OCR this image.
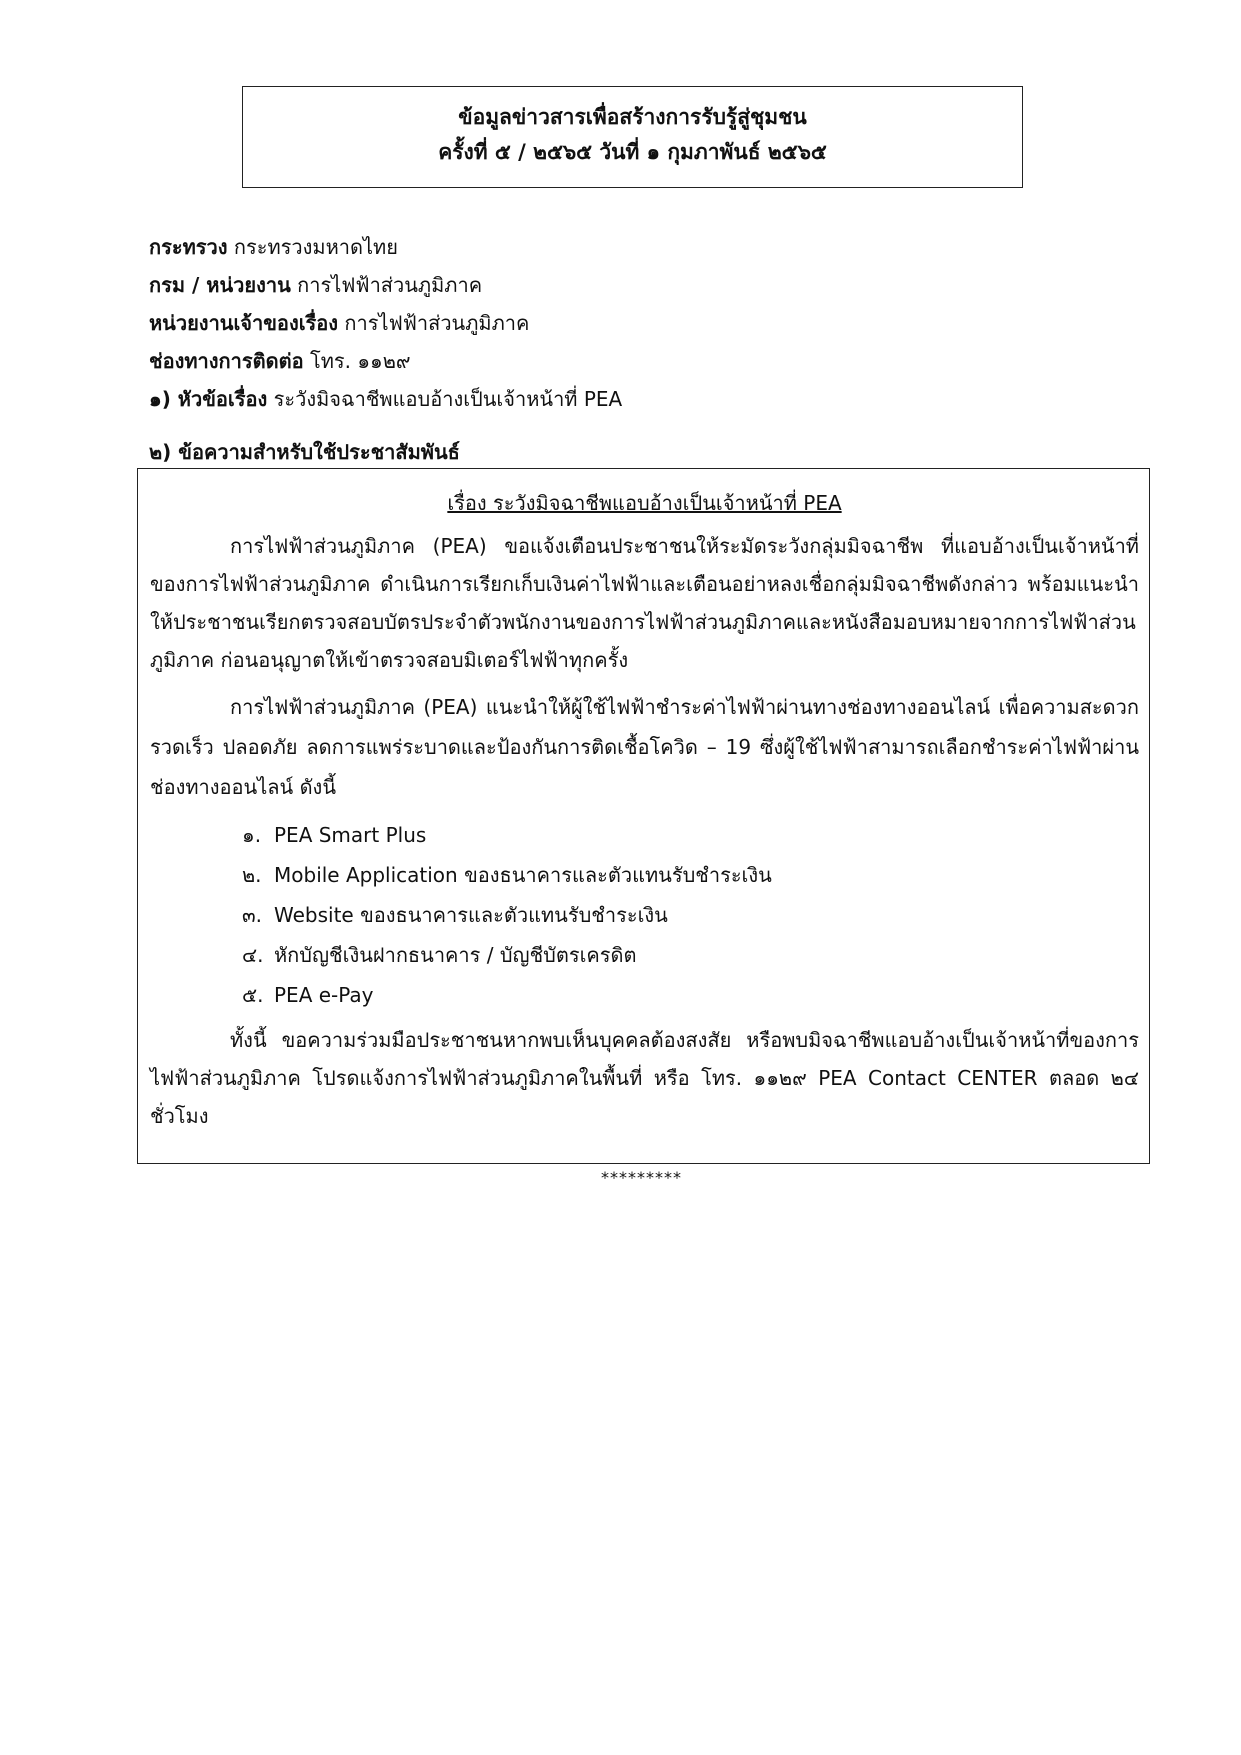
ข้อมูลข่าวสารเพื่อสร้างการรับรู้สู่ชุมชน
ครั้งที่ ๕ / ๒๕๖๕ วันที่ ๑ กุมภาพันธ์ ๒๕๖๕
กระทรวง กระทรวงมหาดไทย
กรม / หน่วยงาน การไฟฟ้าส่วนภูมิภาค
หน่วยงานเจ้าของเรื่อง การไฟฟ้าส่วนภูมิภาค
ช่องทางการติดต่อ โทร. ๑๑๒๙
๑) หัวข้อเรื่อง ระวังมิจฉาชีพแอบอ้างเป็นเจ้าหน้าที่ PEA
๒) ข้อความสำหรับใช้ประชาสัมพันธ์
เรื่อง ระวังมิจฉาชีพแอบอ้างเป็นเจ้าหน้าที่ PEA

การไฟฟ้าส่วนภูมิภาค (PEA) ขอแจ้งเตือนประชาชนให้ระมัดระวังกลุ่มมิจฉาชีพ ที่แอบอ้างเป็นเจ้าหน้าที่ของการไฟฟ้าส่วนภูมิภาค ดำเนินการเรียกเก็บเงินค่าไฟฟ้าและเตือนอย่าหลงเชื่อกลุ่มมิจฉาชีพดังกล่าว พร้อมแนะนำให้ประชาชนเรียกตรวจสอบบัตรประจำตัวพนักงานของการไฟฟ้าส่วนภูมิภาคและหนังสือมอบหมายจากการไฟฟ้าส่วนภูมิภาค ก่อนอนุญาตให้เข้าตรวจสอบมิเตอร์ไฟฟ้าทุกครั้ง

การไฟฟ้าส่วนภูมิภาค (PEA) แนะนำให้ผู้ใช้ไฟฟ้าชำระค่าไฟฟ้าผ่านทางช่องทางออนไลน์ เพื่อความสะดวกรวดเร็ว ปลอดภัย ลดการแพร่ระบาดและป้องกันการติดเชื้อโควิด – 19 ซึ่งผู้ใช้ไฟฟ้าสามารถเลือกชำระค่าไฟฟ้าผ่านช่องทางออนไลน์ ดังนี้

๑. PEA Smart Plus
๒. Mobile Application ของธนาคารและตัวแทนรับชำระเงิน
๓. Website ของธนาคารและตัวแทนรับชำระเงิน
๔. หักบัญชีเงินฝากธนาคาร / บัญชีบัตรเครดิต
๕. PEA e-Pay

ทั้งนี้ ขอความร่วมมือประชาชนหากพบเห็นบุคคลต้องสงสัย หรือพบมิจฉาชีพแอบอ้างเป็นเจ้าหน้าที่ของการไฟฟ้าส่วนภูมิภาค โปรดแจ้งการไฟฟ้าส่วนภูมิภาคในพื้นที่ หรือ โทร. ๑๑๒๙ PEA Contact CENTER ตลอด ๒๔ ชั่วโมง

*********
